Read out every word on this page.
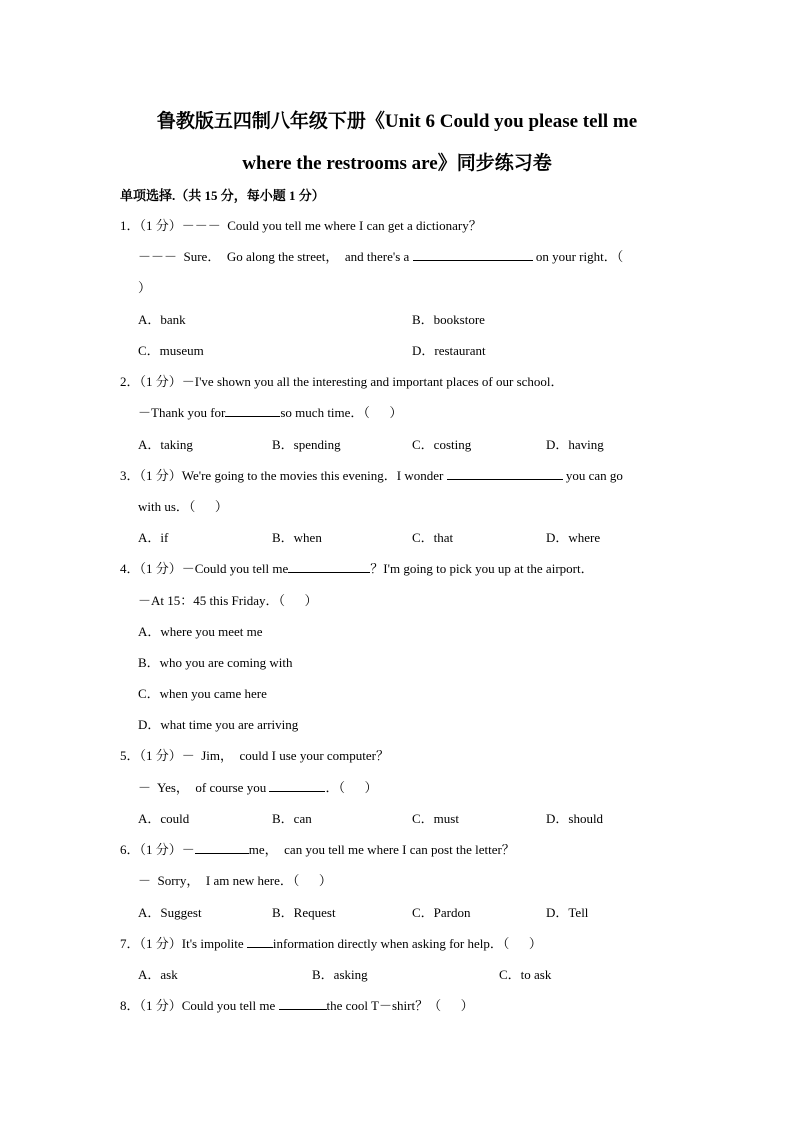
鲁教版五四制八年级下册《Unit 6 Could you please tell me
where the restrooms are》同步练习卷
单项选择.（共 15 分，每小题 1 分）
1．（1 分）－－－  Could you tell me where I can get a dictionary？
－－－  Sure．  Go along the street，  and there's a	on your right．（
）
A．bank	B．bookstore
C．museum	D．restaurant
2．（1 分）－I've shown you all the interesting and important places of our school．
－Thank you for	so much time．（      ）
A．taking	B．spending	C．costing	D．having
3．（1 分）We're going to the movies this evening．I wonder	you can go
with us．（      ）
A．if	B．when	C．that	D．where
4．（1 分）－Could you tell me	？I'm going to pick you up at the airport．
－At 15：45 this Friday．（      ）
A．where you meet me
B．who you are coming with
C．when you came here
D．what time you are arriving
5．（1 分）－  Jim，  could I use your computer？
－  Yes，  of course you	．（      ）
A．could	B．can	C．must	D．should
6．（1 分）－	me，  can you tell me where I can post the letter？
－  Sorry，  I am new here．（      ）
A．Suggest	B．Request	C．Pardon	D．Tell
7．（1 分）It's impolite information directly when asking for help．（      ）
A．ask	B．asking	C．to ask
8．（1 分）Could you tell me	the cool T－shirt？（      ）
